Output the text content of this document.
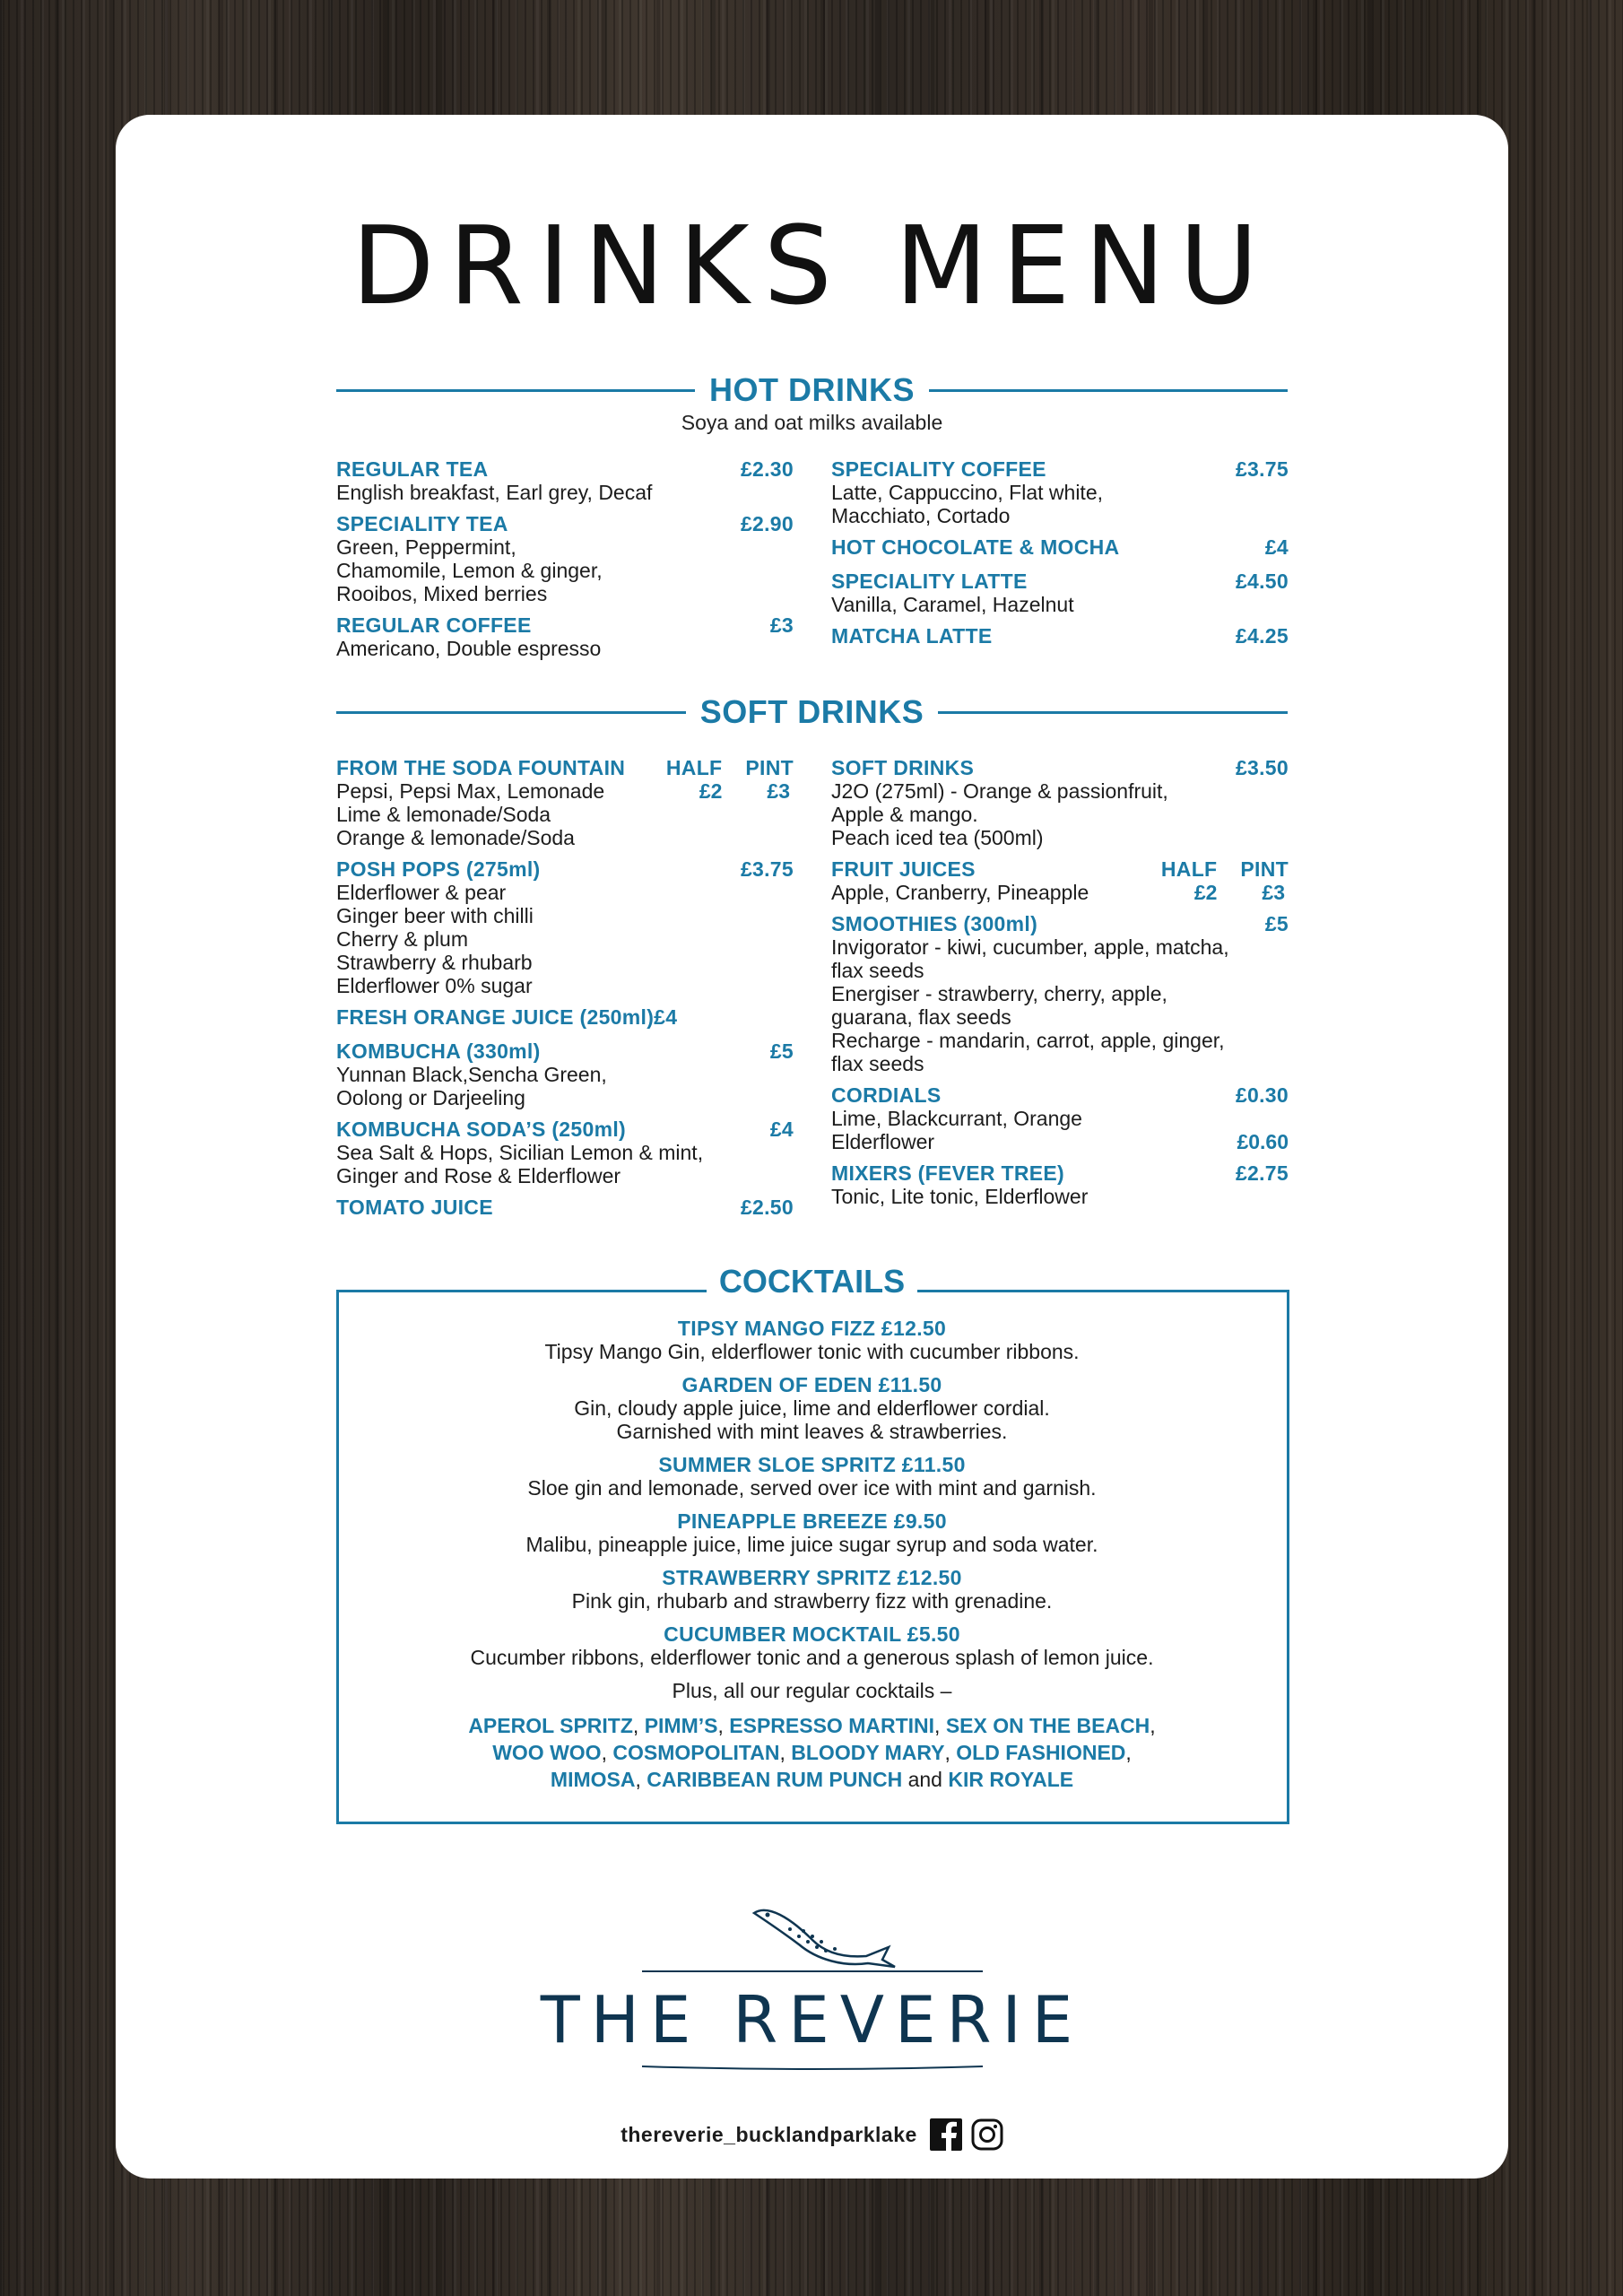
DRINKS MENU
HOT DRINKS
Soya and oat milks available
REGULAR TEA	£2.30
English breakfast, Earl grey, Decaf
SPECIALITY TEA	£2.90
Green, Peppermint,
Chamomile, Lemon & ginger,
Rooibos, Mixed berries
REGULAR COFFEE	£3
Americano, Double espresso
SPECIALITY COFFEE	£3.75
Latte, Cappuccino, Flat white,
Macchiato, Cortado
HOT CHOCOLATE & MOCHA	£4
SPECIALITY LATTE	£4.50
Vanilla, Caramel, Hazelnut
MATCHA LATTE	£4.25
SOFT DRINKS
FROM THE SODA FOUNTAIN HALF PINT
Pepsi, Pepsi Max, Lemonade	£2 £3
Lime & lemonade/Soda
Orange & lemonade/Soda
POSH POPS (275ml)	£3.75
Elderflower & pear
Ginger beer with chilli
Cherry & plum
Strawberry & rhubarb
Elderflower 0% sugar
FRESH ORANGE JUICE (250ml)£4
KOMBUCHA (330ml)	£5
Yunnan Black,Sencha Green,
Oolong or Darjeeling
KOMBUCHA SODA’S (250ml)	£4
Sea Salt & Hops, Sicilian Lemon & mint,
Ginger and Rose & Elderflower
TOMATO JUICE	£2.50
SOFT DRINKS	£3.50
J2O (275ml) - Orange & passionfruit,
Apple & mango.
Peach iced tea (500ml)
FRUIT JUICES	HALF PINT
Apple, Cranberry, Pineapple	£2 £3
SMOOTHIES (300ml)	£5
Invigorator - kiwi, cucumber, apple, matcha,
flax seeds
Energiser - strawberry, cherry, apple,
guarana, flax seeds
Recharge - mandarin, carrot, apple, ginger,
flax seeds
CORDIALS	£0.30
Lime, Blackcurrant, Orange
Elderflower	£0.60
MIXERS (FEVER TREE)	£2.75
Tonic, Lite tonic, Elderflower
COCKTAILS
TIPSY MANGO FIZZ £12.50
Tipsy Mango Gin, elderflower tonic with cucumber ribbons.
GARDEN OF EDEN £11.50
Gin, cloudy apple juice, lime and elderflower cordial.
Garnished with mint leaves & strawberries.
SUMMER SLOE SPRITZ £11.50
Sloe gin and lemonade, served over ice with mint and garnish.
PINEAPPLE BREEZE £9.50
Malibu, pineapple juice, lime juice sugar syrup and soda water.
STRAWBERRY SPRITZ £12.50
Pink gin, rhubarb and strawberry fizz with grenadine.
CUCUMBER MOCKTAIL £5.50
Cucumber ribbons, elderflower tonic and a generous splash of lemon juice.
Plus, all our regular cocktails –
APEROL SPRITZ, PIMM’S, ESPRESSO MARTINI, SEX ON THE BEACH,
WOO WOO, COSMOPOLITAN, BLOODY MARY, OLD FASHIONED,
MIMOSA, CARIBBEAN RUM PUNCH and KIR ROYALE
THE REVERIE
thereverie_bucklandparklake
